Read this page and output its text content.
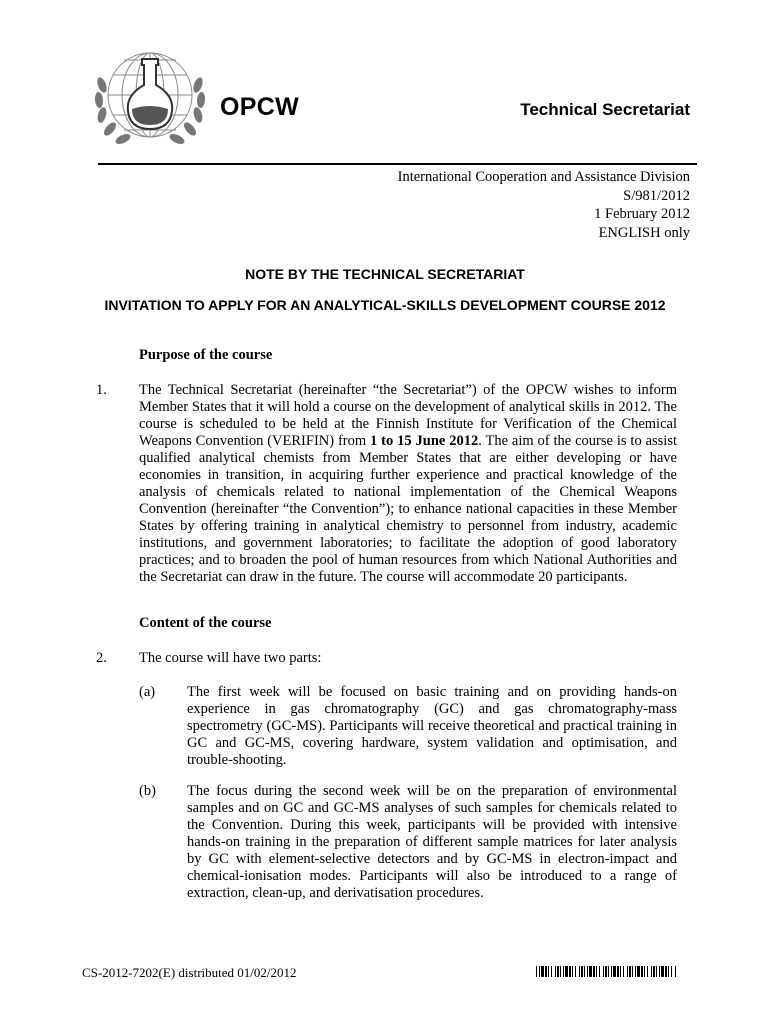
OPCW	Technical Secretariat
International Cooperation and Assistance Division
S/981/2012
1 February 2012
ENGLISH only
NOTE BY THE TECHNICAL SECRETARIAT
INVITATION TO APPLY FOR AN ANALYTICAL-SKILLS DEVELOPMENT COURSE 2012
Purpose of the course
1. The Technical Secretariat (hereinafter “the Secretariat”) of the OPCW wishes to inform Member States that it will hold a course on the development of analytical skills in 2012. The course is scheduled to be held at the Finnish Institute for Verification of the Chemical Weapons Convention (VERIFIN) from 1 to 15 June 2012. The aim of the course is to assist qualified analytical chemists from Member States that are either developing or have economies in transition, in acquiring further experience and practical knowledge of the analysis of chemicals related to national implementation of the Chemical Weapons Convention (hereinafter “the Convention”); to enhance national capacities in these Member States by offering training in analytical chemistry to personnel from industry, academic institutions, and government laboratories; to facilitate the adoption of good laboratory practices; and to broaden the pool of human resources from which National Authorities and the Secretariat can draw in the future. The course will accommodate 20 participants.
Content of the course
2. The course will have two parts:
(a) The first week will be focused on basic training and on providing hands-on experience in gas chromatography (GC) and gas chromatography-mass spectrometry (GC-MS). Participants will receive theoretical and practical training in GC and GC-MS, covering hardware, system validation and optimisation, and trouble-shooting.
(b) The focus during the second week will be on the preparation of environmental samples and on GC and GC-MS analyses of such samples for chemicals related to the Convention. During this week, participants will be provided with intensive hands-on training in the preparation of different sample matrices for later analysis by GC with element-selective detectors and by GC-MS in electron-impact and chemical-ionisation modes. Participants will also be introduced to a range of extraction, clean-up, and derivatisation procedures.
CS-2012-7202(E) distributed 01/02/2012
